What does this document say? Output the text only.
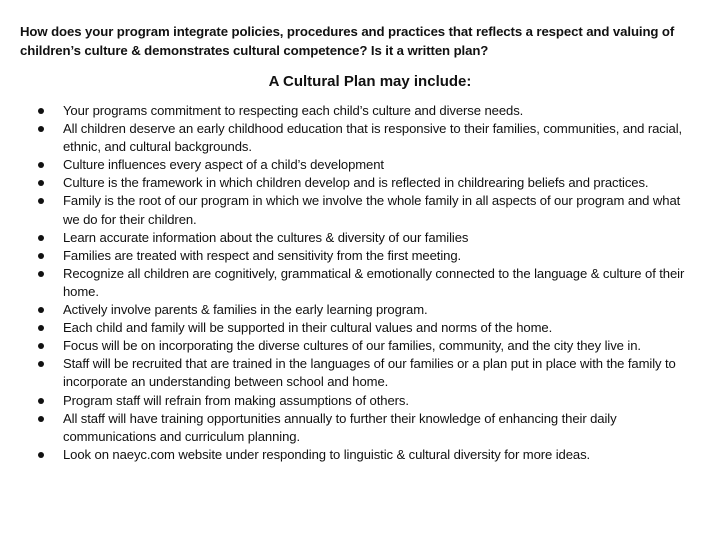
How does your program integrate policies, procedures and practices that reflects a respect and valuing of children’s culture & demonstrates cultural competence? Is it a written plan?

A Cultural Plan may include:
Your programs commitment to respecting each child’s culture and diverse needs.
All children deserve an early childhood education that is responsive to their families, communities, and racial, ethnic, and cultural backgrounds.
Culture influences every aspect of a child’s development
Culture is the framework in which children develop and is reflected in childrearing beliefs and practices.
Family is the root of our program in which we involve the whole family in all aspects of our program and what we do for their children.
Learn accurate information about the cultures & diversity of our families
Families are treated with respect and sensitivity from the first meeting.
Recognize all children are cognitively, grammatical & emotionally connected to the language & culture of their home.
Actively involve parents & families in the early learning program.
Each child and family will be supported in their cultural values and norms of the home.
Focus will be on incorporating the diverse cultures of our families, community, and the city they live in.
Staff will be recruited that are trained in the languages of our families or a plan put in place with the family to incorporate an understanding between school and home.
Program staff will refrain from making assumptions of others.
All staff will have training opportunities annually to further their knowledge of enhancing their daily communications and curriculum planning.
Look on naeyc.com website under responding to linguistic & cultural diversity for more ideas.
